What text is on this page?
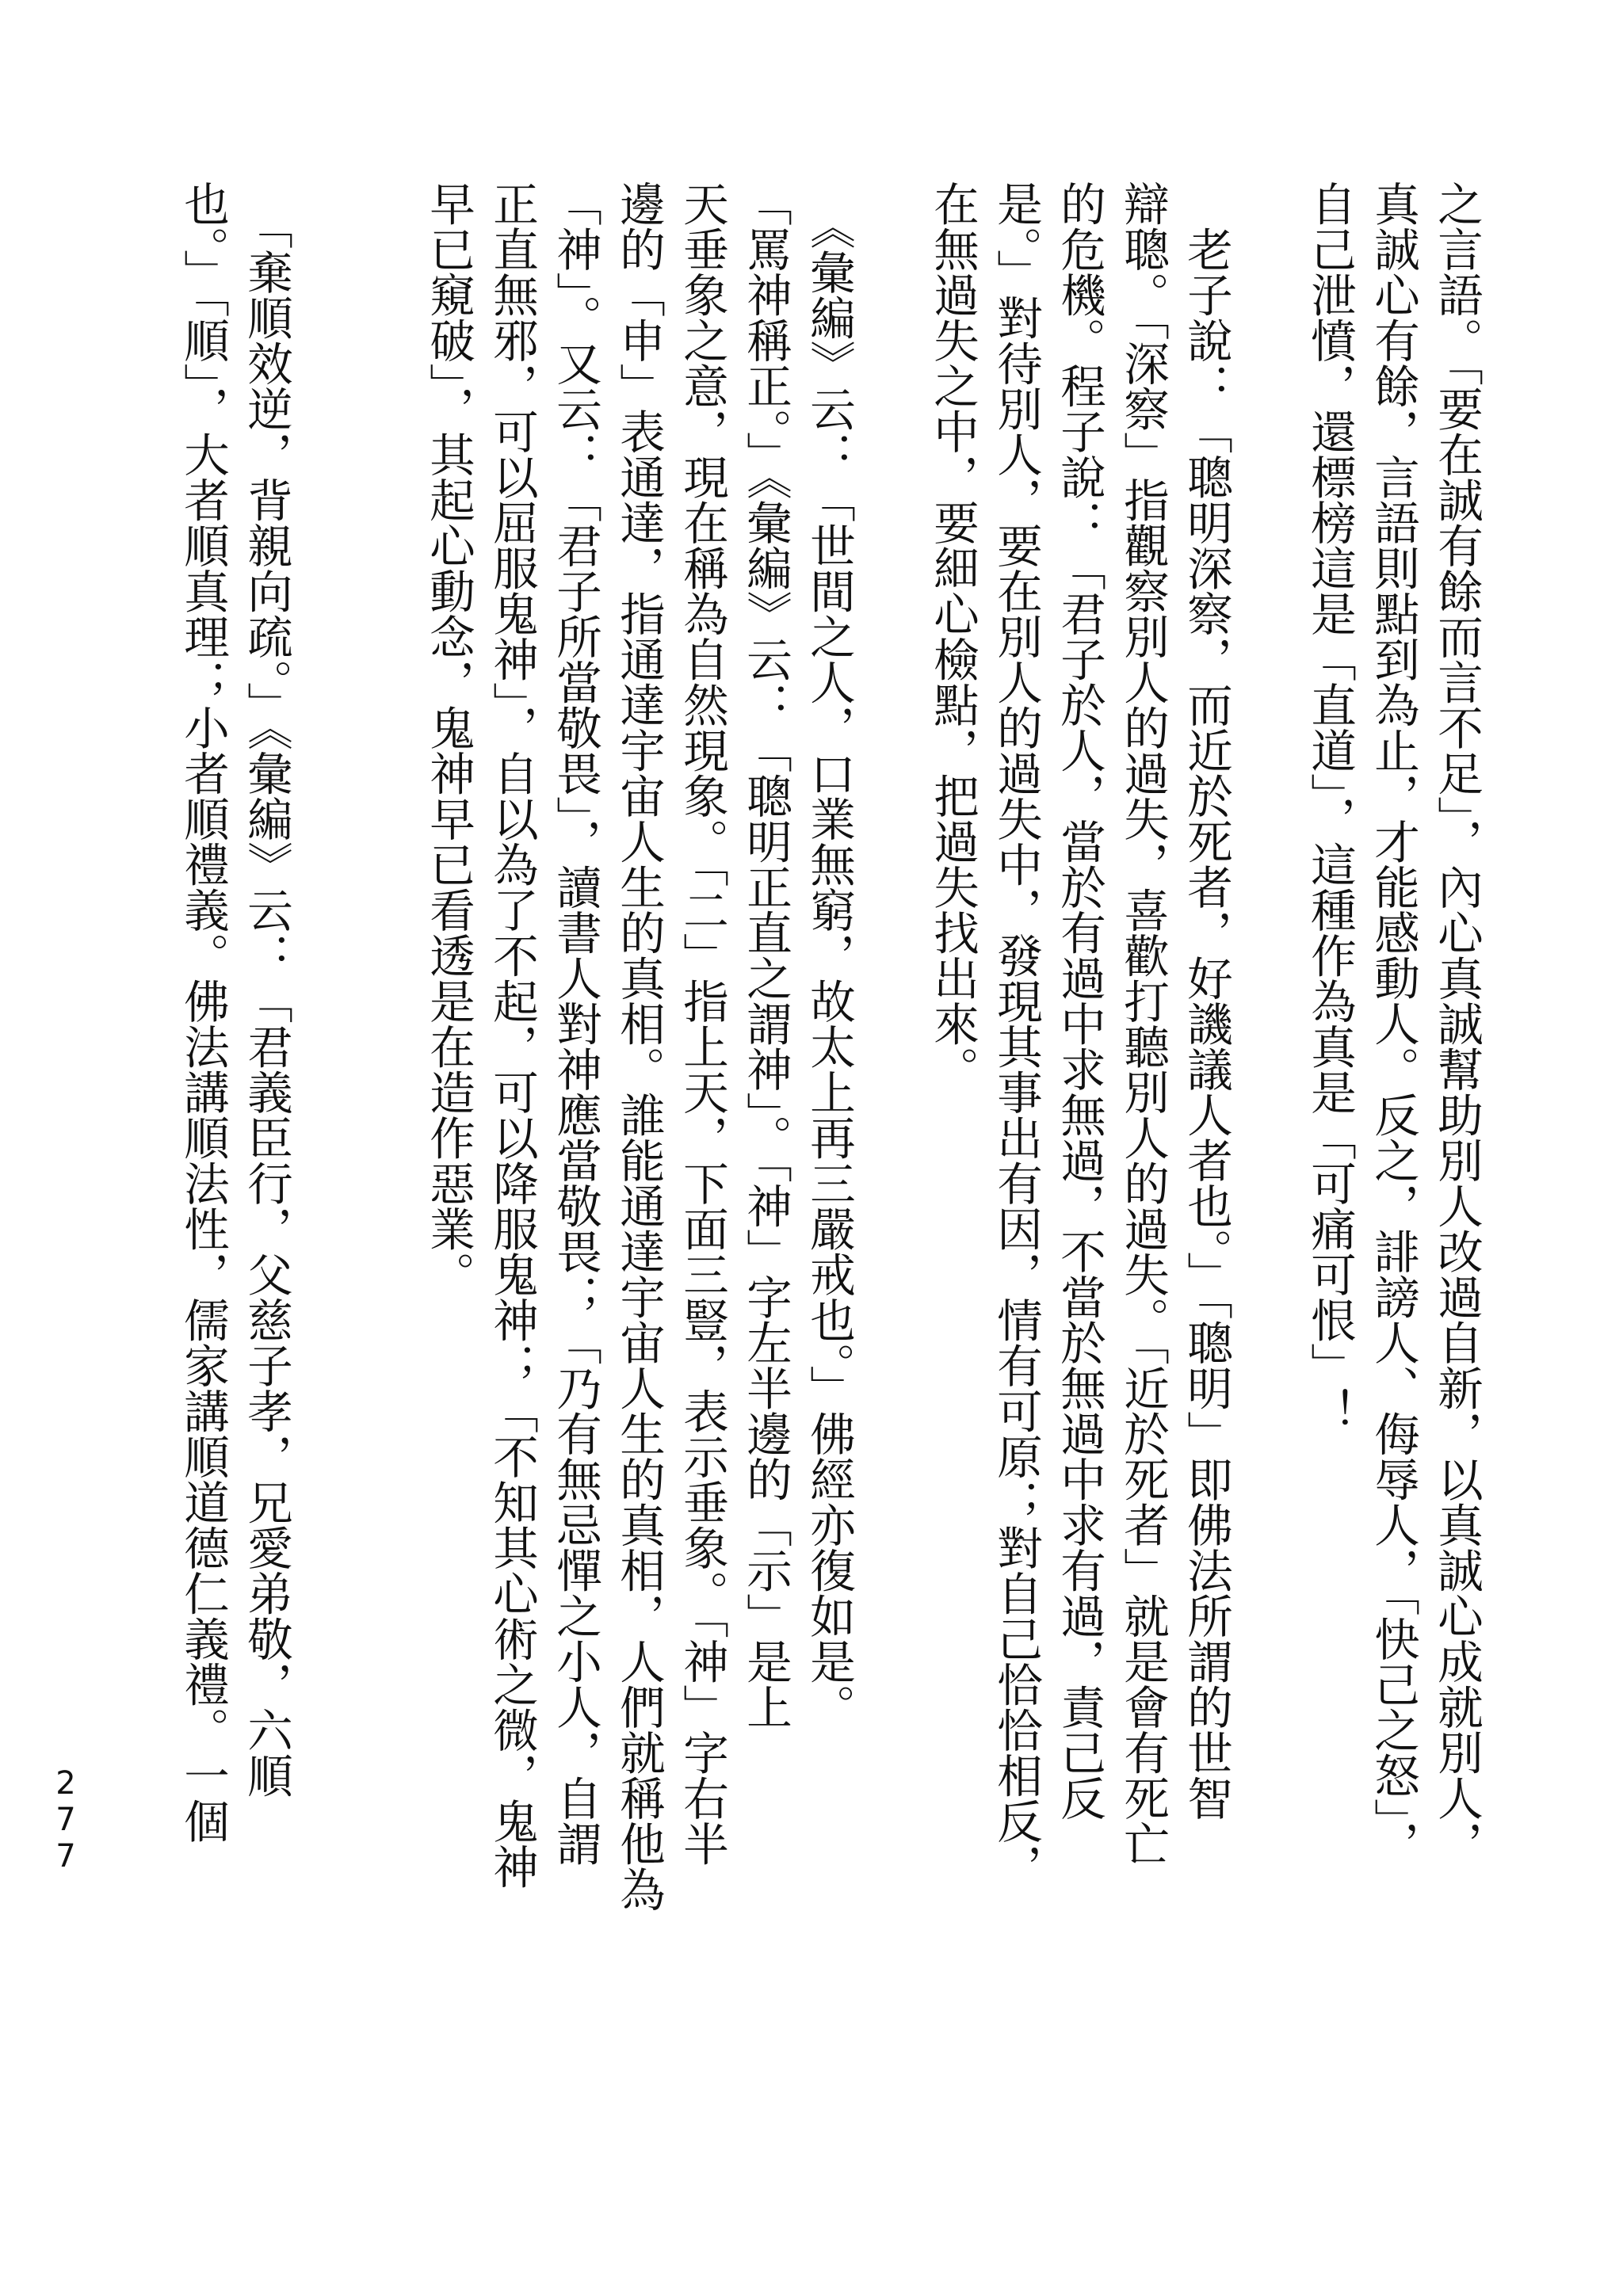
之言語。「要在誠有餘而言不足」，內心真誠幫助別人改過自新，以真誠心成就別人，
真誠心有餘，言語則點到為止，才能感動人。反之，誹謗人、侮辱人，「快己之怒」，
自己泄憤，還標榜這是「直道」，這種作為真是「可痛可恨」！
　老子說：「聰明深察，而近於死者，好譏議人者也。」「聰明」即佛法所謂的世智
辯聰。「深察」指觀察別人的過失，喜歡打聽別人的過失。「近於死者」就是會有死亡
的危機。程子說：「君子於人，當於有過中求無過，不當於無過中求有過，責己反
是。」對待別人，要在別人的過失中，發現其事出有因，情有可原；對自己恰恰相反，
在無過失之中，要細心檢點，把過失找出來。
　《彙編》云：「世間之人，口業無窮，故太上再三嚴戒也。」佛經亦復如是。
「罵神稱正。」《彙編》云：「聰明正直之謂神」。「神」字左半邊的「示」是上
天垂象之意，現在稱為自然現象。「二」指上天，下面三豎，表示垂象。「神」字右半
邊的「申」表通達，指通達宇宙人生的真相。誰能通達宇宙人生的真相，人們就稱他為
「神」。又云：「君子所當敬畏」，讀書人對神應當敬畏；「乃有無忌憚之小人，自謂
正直無邪，可以屈服鬼神」，自以為了不起，可以降服鬼神；「不知其心術之微，鬼神
早已窺破」，其起心動念，鬼神早已看透是在造作惡業。
　「棄順效逆，背親向疏。」《彙編》云：「君義臣行，父慈子孝，兄愛弟敬，六順
也。」「順」，大者順真理；小者順禮義。佛法講順法性，儒家講順道德仁義禮。一個
277
